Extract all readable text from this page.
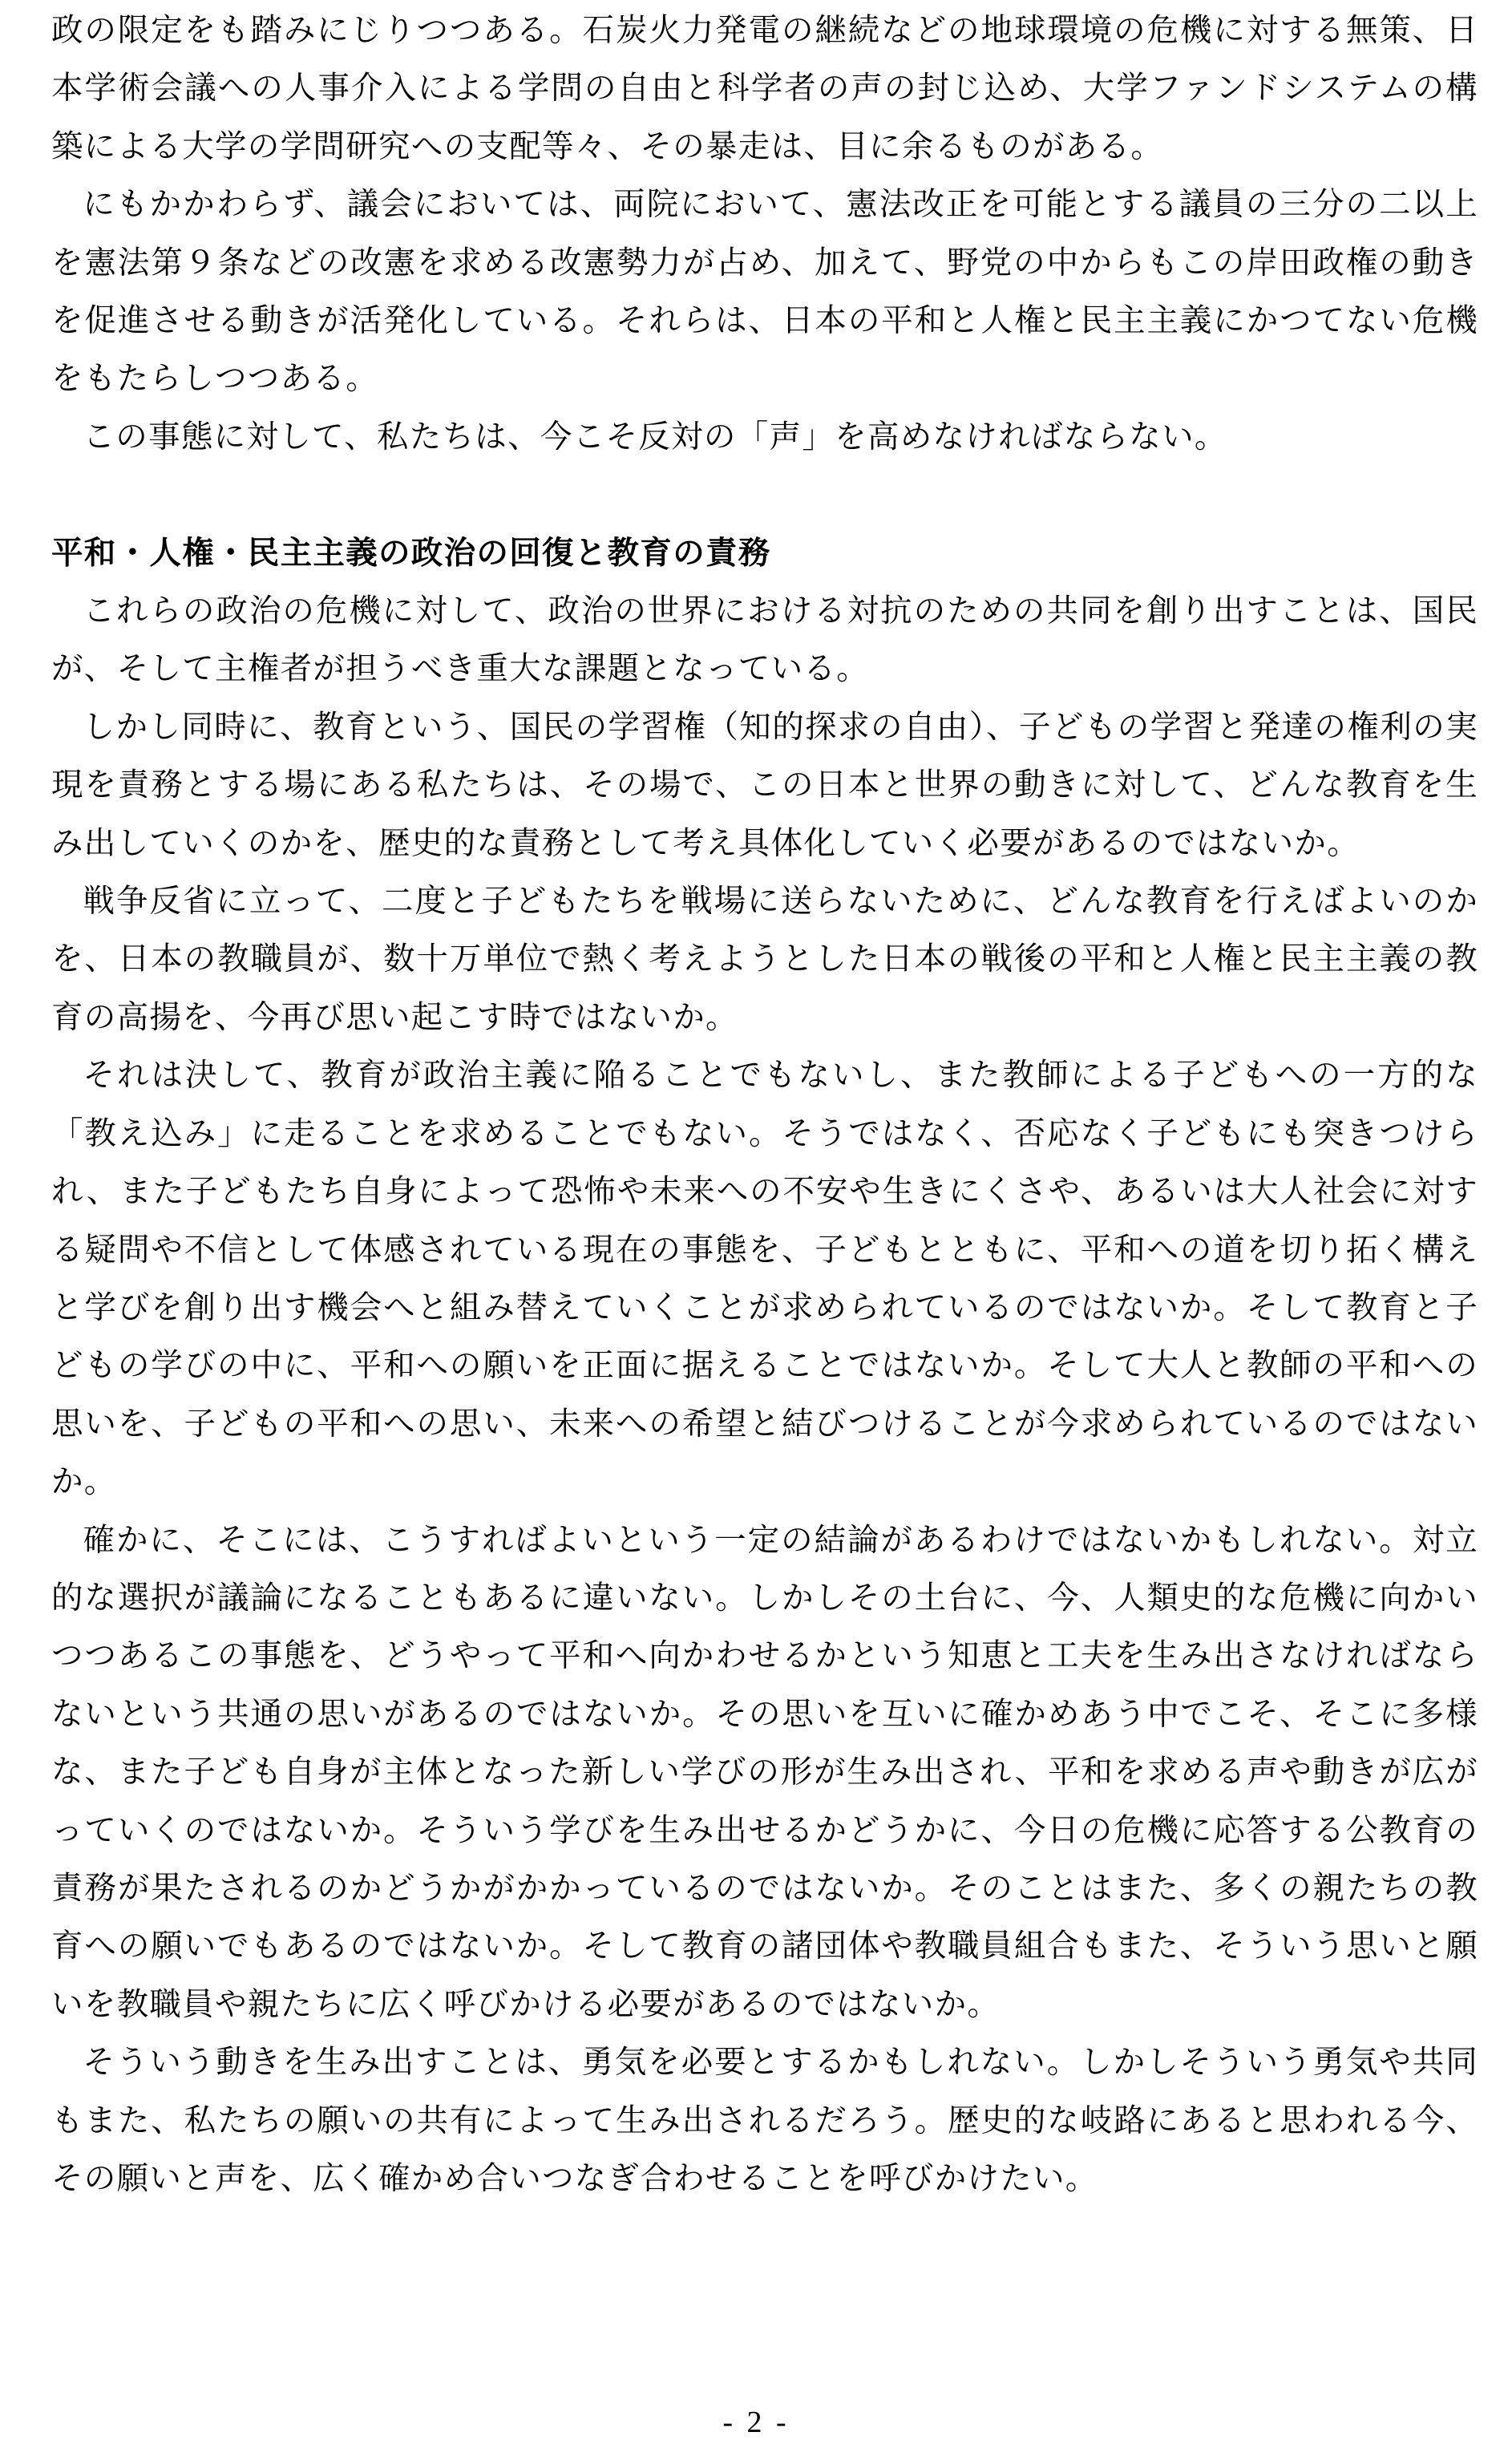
政の限定をも踏みにじりつつある。石炭火力発電の継続などの地球環境の危機に対する無策、日本学術会議への人事介入による学問の自由と科学者の声の封じ込め、大学ファンドシステムの構築による大学の学問研究への支配等々、その暴走は、目に余るものがある。

にもかかわらず、議会においては、両院において、憲法改正を可能とする議員の三分の二以上を憲法第９条などの改憲を求める改憲勢力が占め、加えて、野党の中からもこの岸田政権の動きを促進させる動きが活発化している。それらは、日本の平和と人権と民主主義にかつてない危機をもたらしつつある。

この事態に対して、私たちは、今こそ反対の「声」を高めなければならない。

平和・人権・民主主義の政治の回復と教育の責務

これらの政治の危機に対して、政治の世界における対抗のための共同を創り出すことは、国民が、そして主権者が担うべき重大な課題となっている。

しかし同時に、教育という、国民の学習権（知的探求の自由）、子どもの学習と発達の権利の実現を責務とする場にある私たちは、その場で、この日本と世界の動きに対して、どんな教育を生み出していくのかを、歴史的な責務として考え具体化していく必要があるのではないか。

戦争反省に立って、二度と子どもたちを戦場に送らないために、どんな教育を行えばよいのかを、日本の教職員が、数十万単位で熱く考えようとした日本の戦後の平和と人権と民主主義の教育の高揚を、今再び思い起こす時ではないか。

それは決して、教育が政治主義に陥ることでもないし、また教師による子どもへの一方的な「教え込み」に走ることを求めることでもない。そうではなく、否応なく子どもにも突きつけられ、また子どもたち自身によって恐怖や未来への不安や生きにくさや、あるいは大人社会に対する疑問や不信として体感されている現在の事態を、子どもとともに、平和への道を切り拓く構えと学びを創り出す機会へと組み替えていくことが求められているのではないか。そして教育と子どもの学びの中に、平和への願いを正面に据えることではないか。そして大人と教師の平和への思いを、子どもの平和への思い、未来への希望と結びつけることが今求められているのではないか。

確かに、そこには、こうすればよいという一定の結論があるわけではないかもしれない。対立的な選択が議論になることもあるに違いない。しかしその土台に、今、人類史的な危機に向かいつつあるこの事態を、どうやって平和へ向かわせるかという知恵と工夫を生み出さなければならないという共通の思いがあるのではないか。その思いを互いに確かめあう中でこそ、そこに多様な、また子ども自身が主体となった新しい学びの形が生み出され、平和を求める声や動きが広がっていくのではないか。そういう学びを生み出せるかどうかに、今日の危機に応答する公教育の責務が果たされるのかどうかがかかっているのではないか。そのことはまた、多くの親たちの教育への願いでもあるのではないか。そして教育の諸団体や教職員組合もまた、そういう思いと願いを教職員や親たちに広く呼びかける必要があるのではないか。

そういう動きを生み出すことは、勇気を必要とするかもしれない。しかしそういう勇気や共同もまた、私たちの願いの共有によって生み出されるだろう。歴史的な岐路にあると思われる今、その願いと声を、広く確かめ合いつなぎ合わせることを呼びかけたい。

- 2 -
